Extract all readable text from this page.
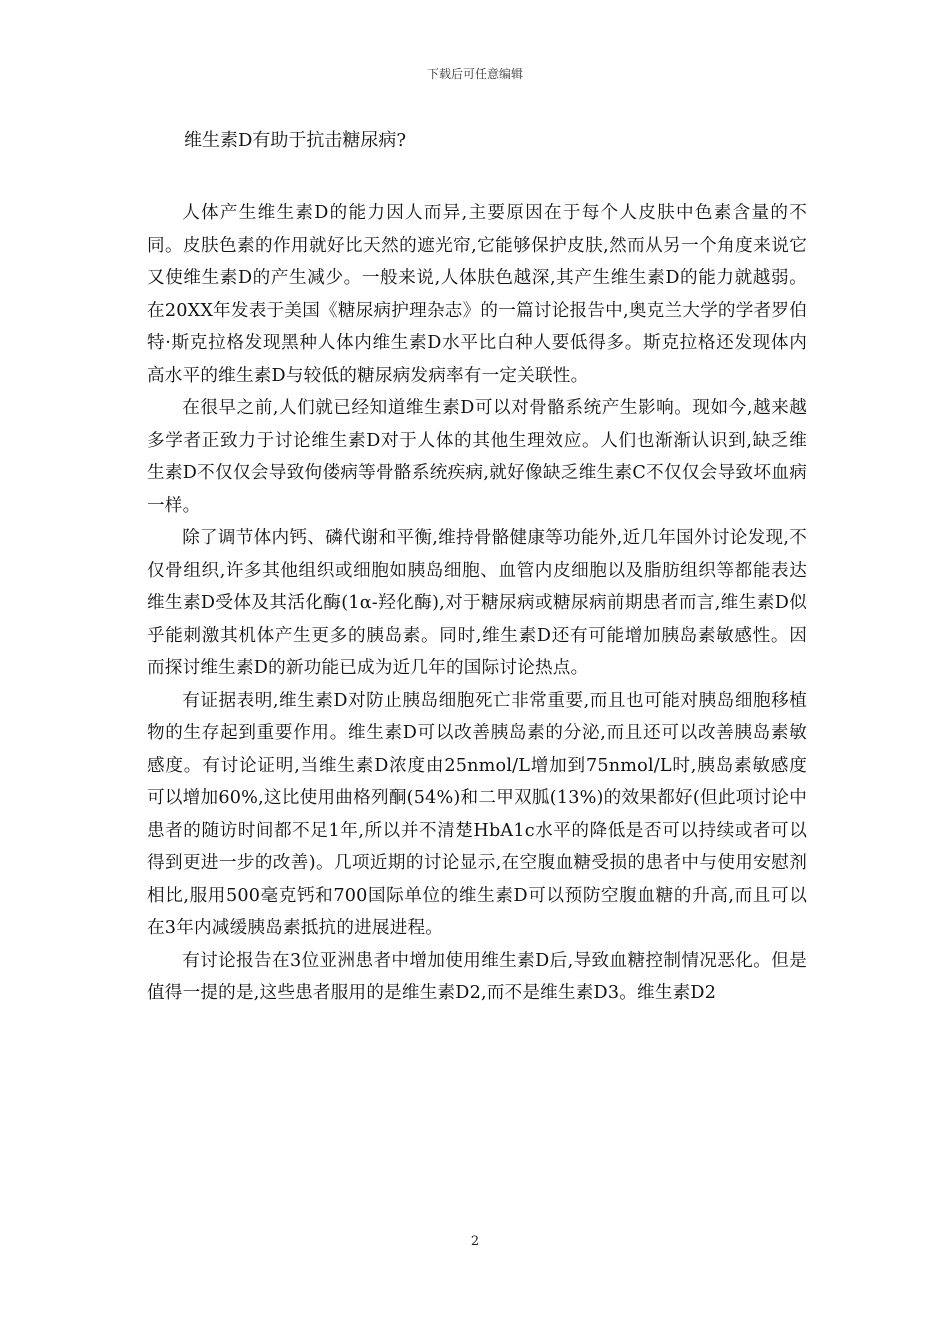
下载后可任意编辑
维生素D有助于抗击糖尿病?

人体产生维生素D的能力因人而异,主要原因在于每个人皮肤中色素含量的不同。皮肤色素的作用就好比天然的遮光帘,它能够保护皮肤,然而从另一个角度来说它又使维生素D的产生减少。一般来说,人体肤色越深,其产生维生素D的能力就越弱。在20XX年发表于美国《糖尿病护理杂志》的一篇讨论报告中,奥克兰大学的学者罗伯特·斯克拉格发现黑种人体内维生素D水平比白种人要低得多。斯克拉格还发现体内高水平的维生素D与较低的糖尿病发病率有一定关联性。

在很早之前,人们就已经知道维生素D可以对骨骼系统产生影响。现如今,越来越多学者正致力于讨论维生素D对于人体的其他生理效应。人们也渐渐认识到,缺乏维生素D不仅仅会导致佝偻病等骨骼系统疾病,就好像缺乏维生素C不仅仅会导致坏血病一样。

除了调节体内钙、磷代谢和平衡,维持骨骼健康等功能外,近几年国外讨论发现,不仅骨组织,许多其他组织或细胞如胰岛细胞、血管内皮细胞以及脂肪组织等都能表达维生素D受体及其活化酶(1α-羟化酶),对于糖尿病或糖尿病前期患者而言,维生素D似乎能刺激其机体产生更多的胰岛素。同时,维生素D还有可能增加胰岛素敏感性。因而探讨维生素D的新功能已成为近几年的国际讨论热点。

有证据表明,维生素D对防止胰岛细胞死亡非常重要,而且也可能对胰岛细胞移植物的生存起到重要作用。维生素D可以改善胰岛素的分泌,而且还可以改善胰岛素敏感度。有讨论证明,当维生素D浓度由25nmol/L增加到75nmol/L时,胰岛素敏感度可以增加60%,这比使用曲格列酮(54%)和二甲双胍(13%)的效果都好(但此项讨论中患者的随访时间都不足1年,所以并不清楚HbA1c水平的降低是否可以持续或者可以得到更进一步的改善)。几项近期的讨论显示,在空腹血糖受损的患者中与使用安慰剂相比,服用500毫克钙和700国际单位的维生素D可以预防空腹血糖的升高,而且可以在3年内减缓胰岛素抵抗的进展进程。

有讨论报告在3位亚洲患者中增加使用维生素D后,导致血糖控制情况恶化。但是值得一提的是,这些患者服用的是维生素D2,而不是维生素D3。维生素D2

2
